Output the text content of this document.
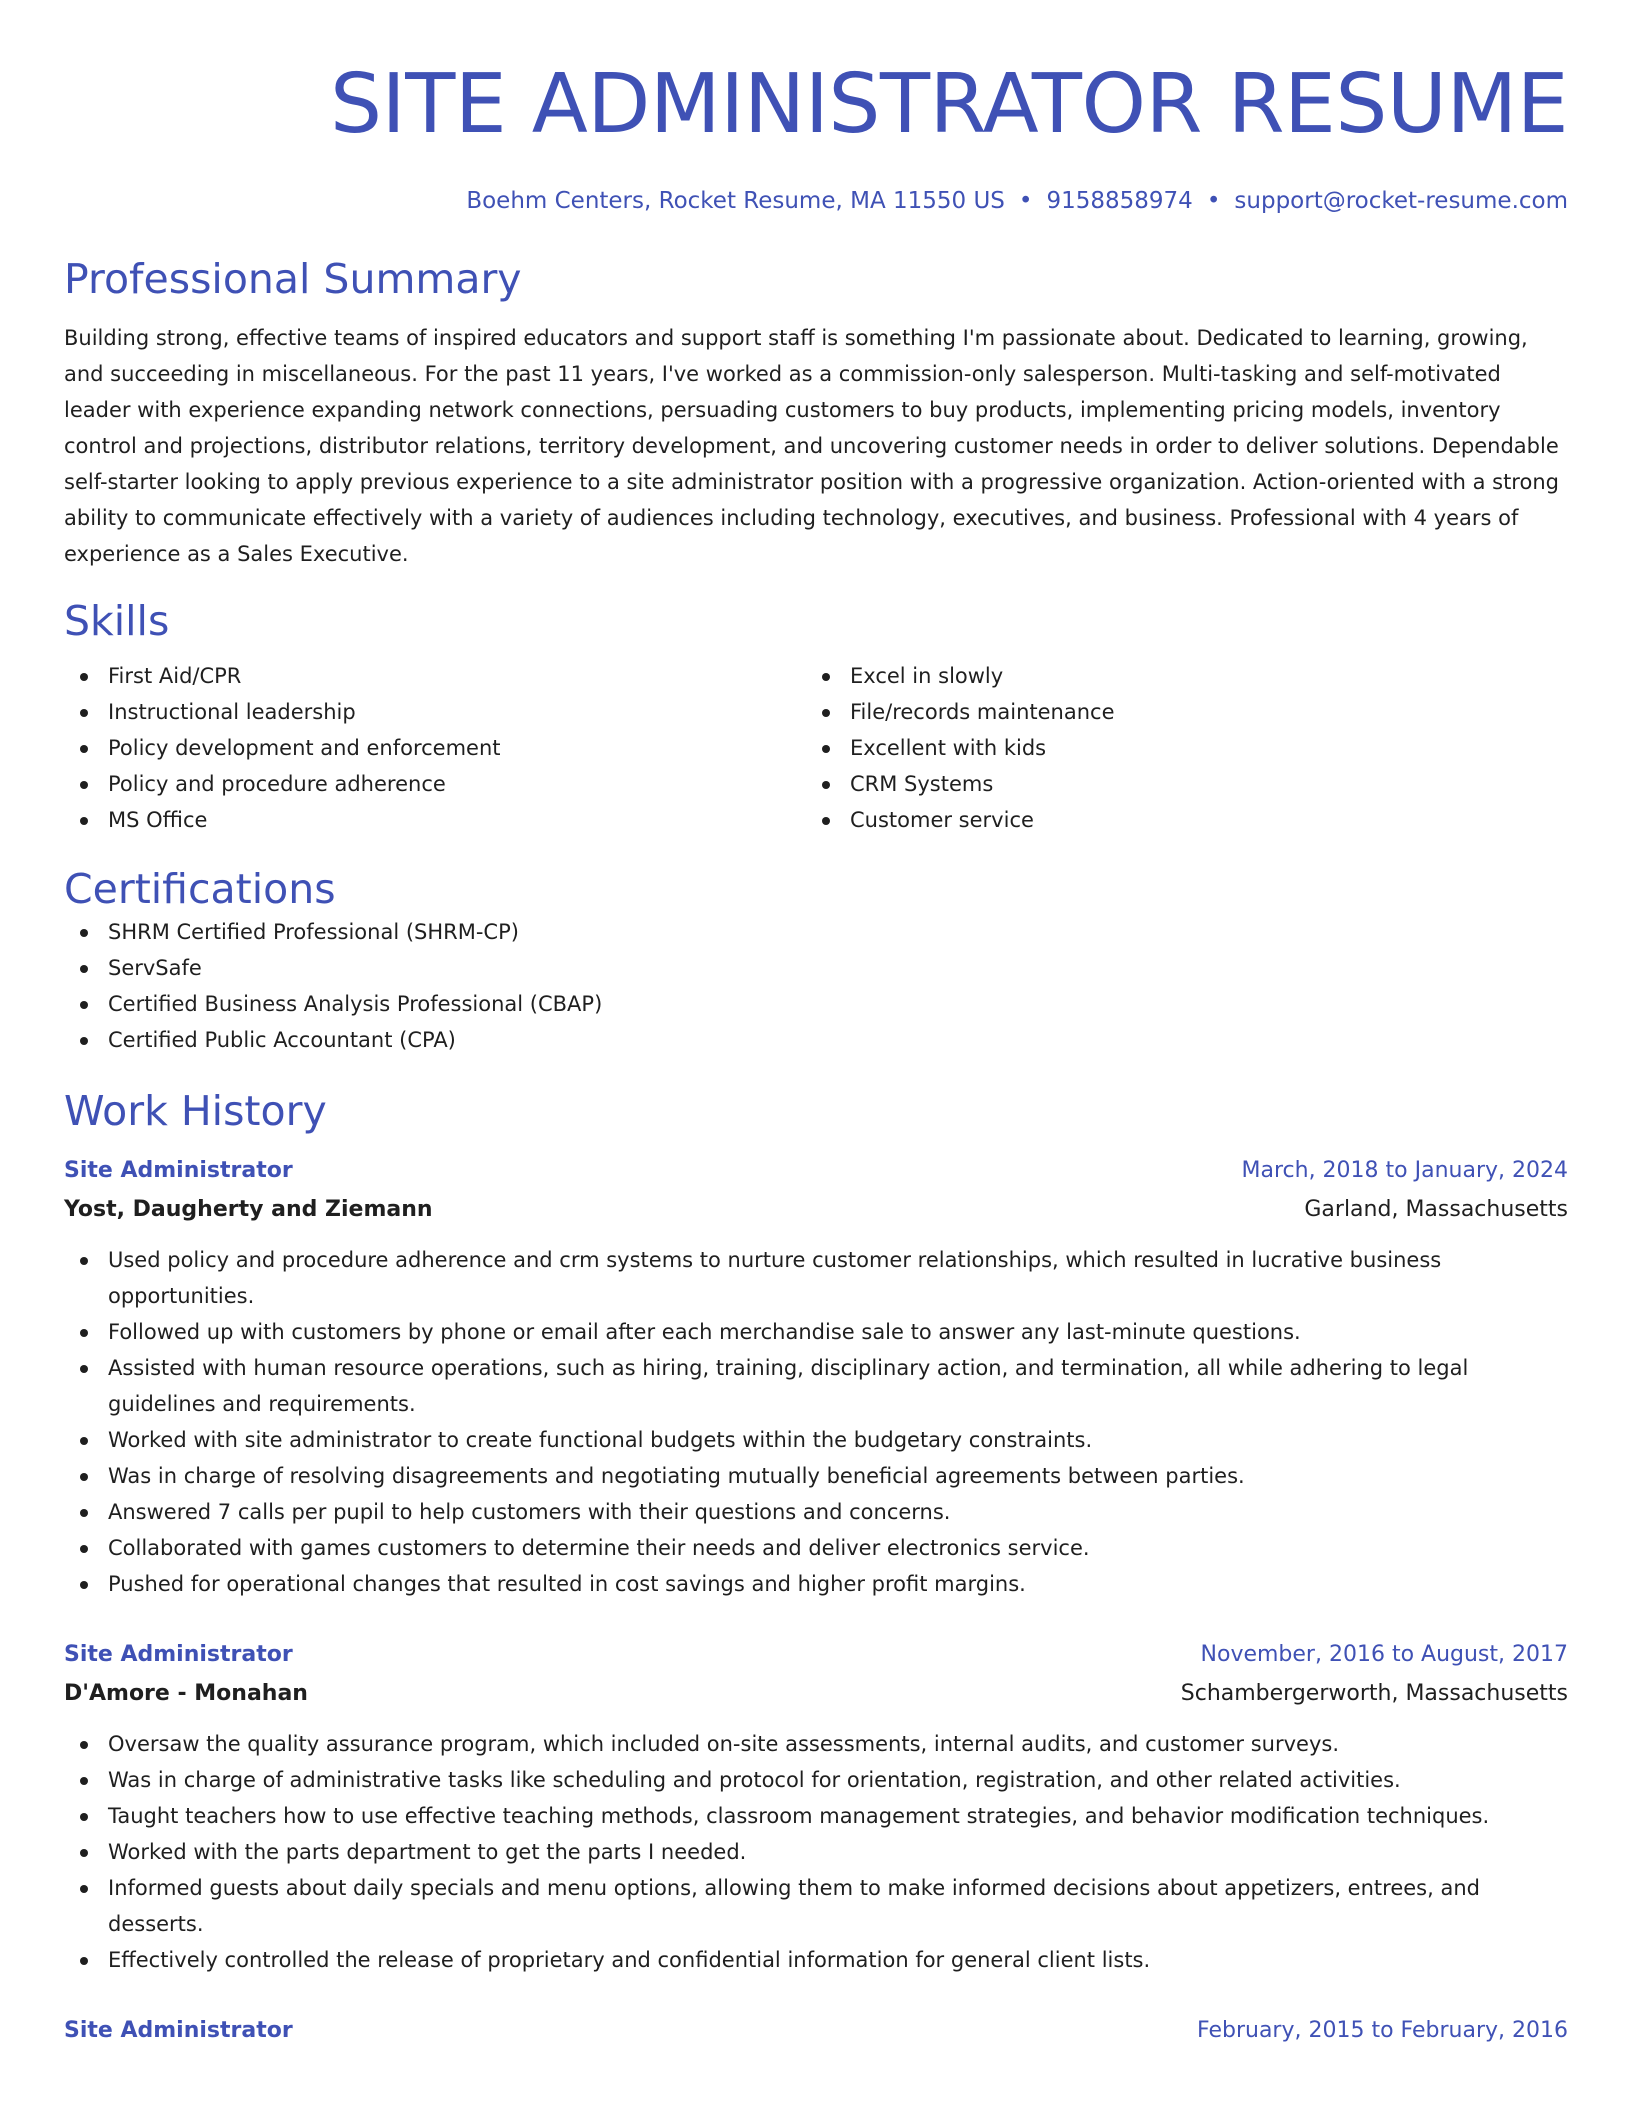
SITE ADMINISTRATOR RESUME
Boehm Centers, Rocket Resume, MA 11550 US • 9158858974 • support@rocket-resume.com
Professional Summary

Building strong, effective teams of inspired educators and support staff is something I'm passionate about. Dedicated to learning, growing, and succeeding in miscellaneous. For the past 11 years, I've worked as a commission-only salesperson. Multi-tasking and self-motivated leader with experience expanding network connections, persuading customers to buy products, implementing pricing models, inventory control and projections, distributor relations, territory development, and uncovering customer needs in order to deliver solutions. Dependable self-starter looking to apply previous experience to a site administrator position with a progressive organization. Action-oriented with a strong ability to communicate effectively with a variety of audiences including technology, executives, and business. Professional with 4 years of experience as a Sales Executive.

Skills
First Aid/CPR
Instructional leadership
Policy development and enforcement
Policy and procedure adherence
MS Office
Excel in slowly
File/records maintenance
Excellent with kids
CRM Systems
Customer service
Certifications
SHRM Certified Professional (SHRM-CP)
ServSafe
Certified Business Analysis Professional (CBAP)
Certified Public Accountant (CPA)
Work History
Site Administrator	March, 2018 to January, 2024
Yost, Daugherty and Ziemann	Garland, Massachusetts
Used policy and procedure adherence and crm systems to nurture customer relationships, which resulted in lucrative business opportunities.
Followed up with customers by phone or email after each merchandise sale to answer any last-minute questions.
Assisted with human resource operations, such as hiring, training, disciplinary action, and termination, all while adhering to legal guidelines and requirements.
Worked with site administrator to create functional budgets within the budgetary constraints.
Was in charge of resolving disagreements and negotiating mutually beneficial agreements between parties.
Answered 7 calls per pupil to help customers with their questions and concerns.
Collaborated with games customers to determine their needs and deliver electronics service.
Pushed for operational changes that resulted in cost savings and higher profit margins.
Site Administrator	November, 2016 to August, 2017
D'Amore - Monahan	Schambergerworth, Massachusetts
Oversaw the quality assurance program, which included on-site assessments, internal audits, and customer surveys.
Was in charge of administrative tasks like scheduling and protocol for orientation, registration, and other related activities.
Taught teachers how to use effective teaching methods, classroom management strategies, and behavior modification techniques.
Worked with the parts department to get the parts I needed.
Informed guests about daily specials and menu options, allowing them to make informed decisions about appetizers, entrees, and desserts.
Effectively controlled the release of proprietary and confidential information for general client lists.
Site Administrator	February, 2015 to February, 2016
